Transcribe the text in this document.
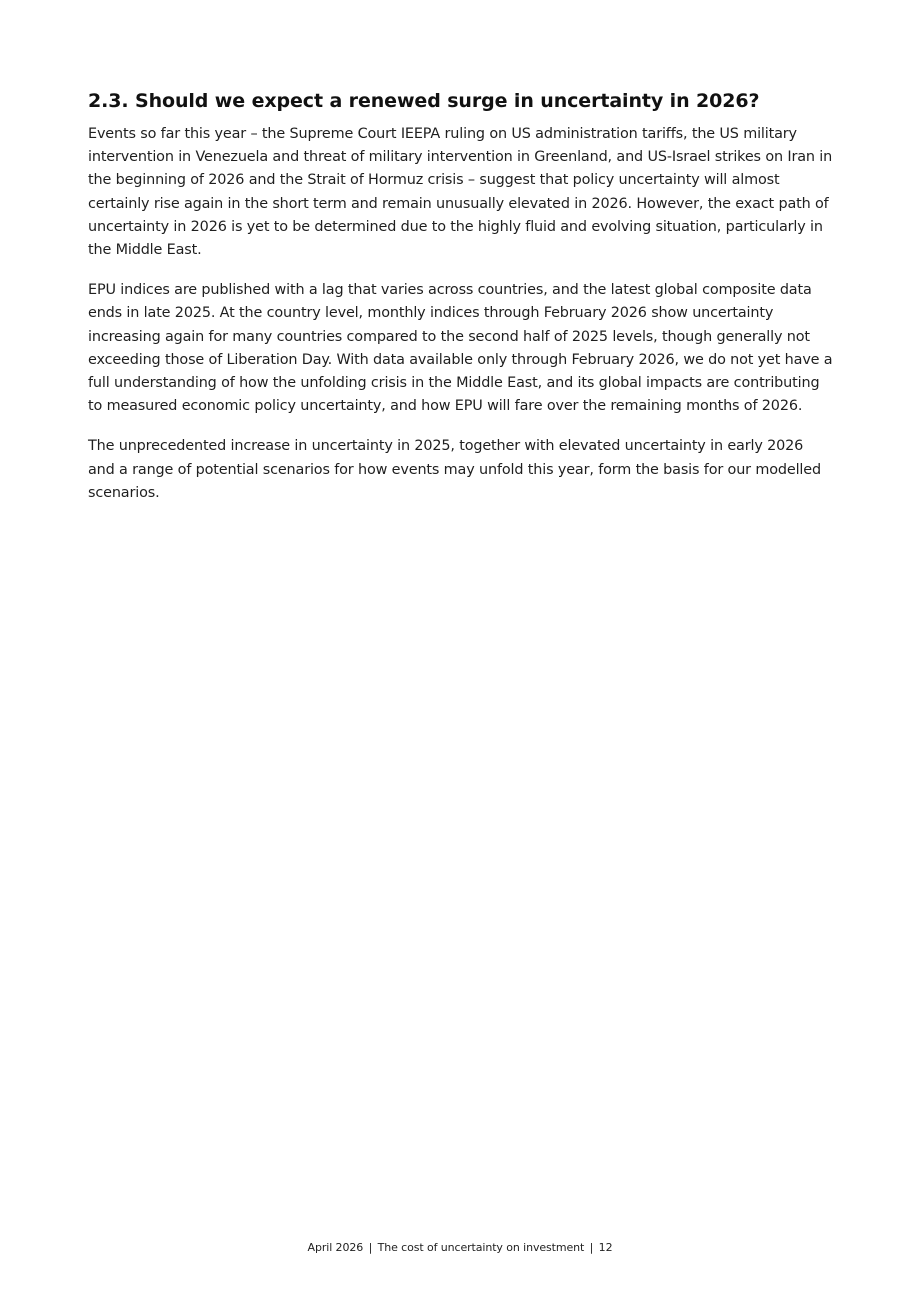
2.3. Should we expect a renewed surge in uncertainty in 2026?

Events so far this year – the Supreme Court IEEPA ruling on US administration tariffs, the US military intervention in Venezuela and threat of military intervention in Greenland, and US-Israel strikes on Iran in the beginning of 2026 and the Strait of Hormuz crisis – suggest that policy uncertainty will almost certainly rise again in the short term and remain unusually elevated in 2026. However, the exact path of uncertainty in 2026 is yet to be determined due to the highly fluid and evolving situation, particularly in the Middle East.

EPU indices are published with a lag that varies across countries, and the latest global composite data ends in late 2025. At the country level, monthly indices through February 2026 show uncertainty increasing again for many countries compared to the second half of 2025 levels, though generally not exceeding those of Liberation Day. With data available only through February 2026, we do not yet have a full understanding of how the unfolding crisis in the Middle East, and its global impacts are contributing to measured economic policy uncertainty, and how EPU will fare over the remaining months of 2026.

The unprecedented increase in uncertainty in 2025, together with elevated uncertainty in early 2026 and a range of potential scenarios for how events may unfold this year, form the basis for our modelled scenarios.

April 2026 | The cost of uncertainty on investment | 12
